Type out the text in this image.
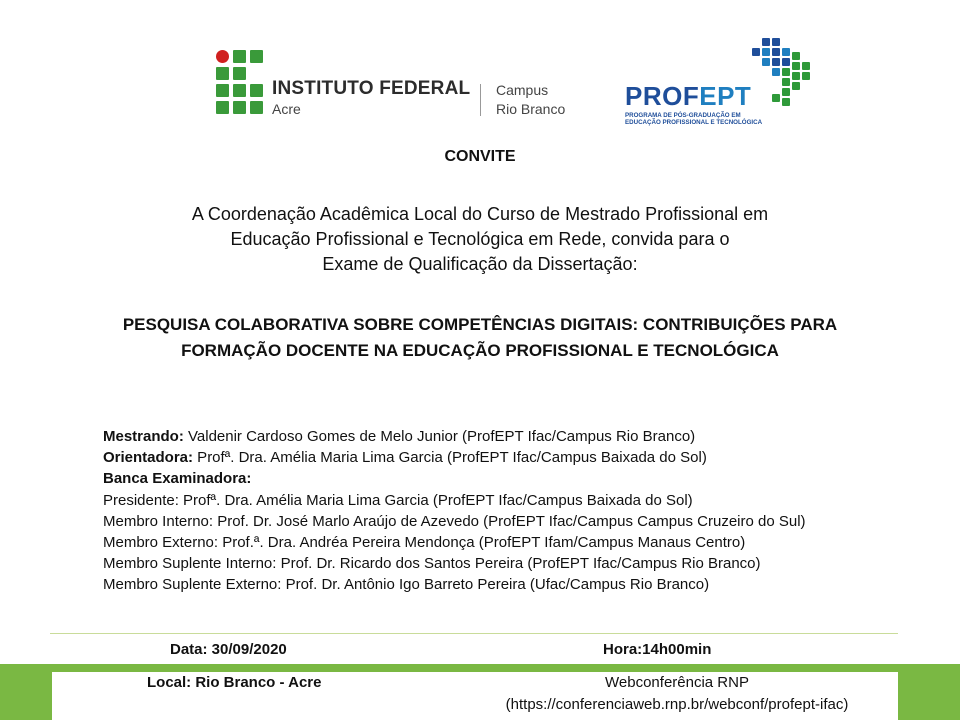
INSTITUTO FEDERAL
Acre
Campus
Rio Branco PROFEPT
PROGRAMA DE PÓS-GRADUAÇÃO EM
EDUCAÇÃO PROFISSIONAL E TECNOLÓGICA
CONVITE
A Coordenação Acadêmica Local do Curso de Mestrado Profissional em
Educação Profissional e Tecnológica em Rede, convida para o
Exame de Qualificação da Dissertação:
PESQUISA COLABORATIVA SOBRE COMPETÊNCIAS DIGITAIS: CONTRIBUIÇÕES PARA
FORMAÇÃO DOCENTE NA EDUCAÇÃO PROFISSIONAL E TECNOLÓGICA
Mestrando: Valdenir Cardoso Gomes de Melo Junior (ProfEPT Ifac/Campus Rio Branco)
Orientadora: Profª. Dra. Amélia Maria Lima Garcia (ProfEPT Ifac/Campus Baixada do Sol)
Banca Examinadora:
Presidente: Profª. Dra. Amélia Maria Lima Garcia (ProfEPT Ifac/Campus Baixada do Sol)
Membro Interno: Prof. Dr. José Marlo Araújo de Azevedo (ProfEPT Ifac/Campus Campus Cruzeiro do Sul)
Membro Externo: Prof.ª. Dra. Andréa Pereira Mendonça (ProfEPT Ifam/Campus Manaus Centro)
Membro Suplente Interno: Prof. Dr. Ricardo dos Santos Pereira (ProfEPT Ifac/Campus Rio Branco)
Membro Suplente Externo: Prof. Dr. Antônio Igo Barreto Pereira (Ufac/Campus Rio Branco)
Data: 30/09/2020	Hora:14h00min
Local: Rio Branco - Acre	Webconferência RNP
(https://conferenciaweb.rnp.br/webconf/profept-ifac)
